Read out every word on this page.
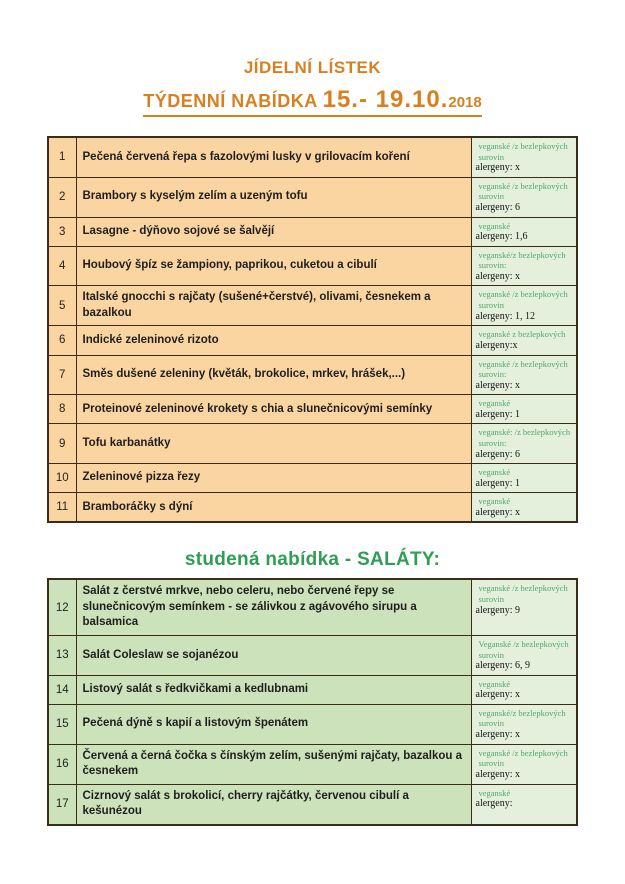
JÍDELNÍ LÍSTEK
TÝDENNÍ NABÍDKA 15.- 19.10.2018
1	Pečená červená řepa s fazolovými lusky v grilovacím koření	veganské /z bezlepkových surovin
alergeny: x

2	Brambory s kyselým zelím a uzeným tofu	veganské /z bezlepkových surovin
alergeny: 6

3	Lasagne - dýňovo sojové se šalvějí	veganské
alergeny: 1,6

4	Houbový špíz se žampiony, paprikou, cuketou a cibulí	veganské/z bezlepkových surovin:
alergeny: x

5	Italské gnocchi s rajčaty (sušené+čerstvé), olivami, česnekem a bazalkou	veganské /z bezlepkových surovin
alergeny: 1, 12

6	Indické zeleninové rizoto	veganské z bezlepkových
alergeny:x

7	Směs dušené zeleniny (květák, brokolice, mrkev, hrášek,...)	veganské /z bezlepkových surovin:
alergeny: x

8	Proteinové zeleninové krokety s chia a slunečnicovými semínky	veganské
alergeny: 1

9	Tofu karbanátky	veganské: /z bezlepkových surovin:
alergeny: 6

10	Zeleninové pizza řezy	veganské
alergeny: 1

11	Bramboráčky s dýní	veganské
alergeny: x
studená nabídka - SALÁTY:
12	Salát z čerstvé mrkve, nebo celeru, nebo červené řepy se slunečnicovým semínkem - se zálivkou z agávového sirupu a balsamica	veganské /z bezlepkových surovin
alergeny: 9

13	Salát Coleslaw se sojanézou	Veganské /z bezlepkových surovin
alergeny: 6, 9

14	Listový salát s ředkvičkami a kedlubnami	veganské
alergeny: x

15	Pečená dýně s kapií a listovým špenátem	veganské/z bezlepkových surovin
alergeny: x

16	Červená a černá čočka s čínským zelím, sušenými rajčaty, bazalkou a česnekem	veganské /z bezlepkových surovin
alergeny: x

17	Cizrnový salát s brokolicí, cherry rajčátky, červenou cibulí a kešunézou	veganské
alergeny:
